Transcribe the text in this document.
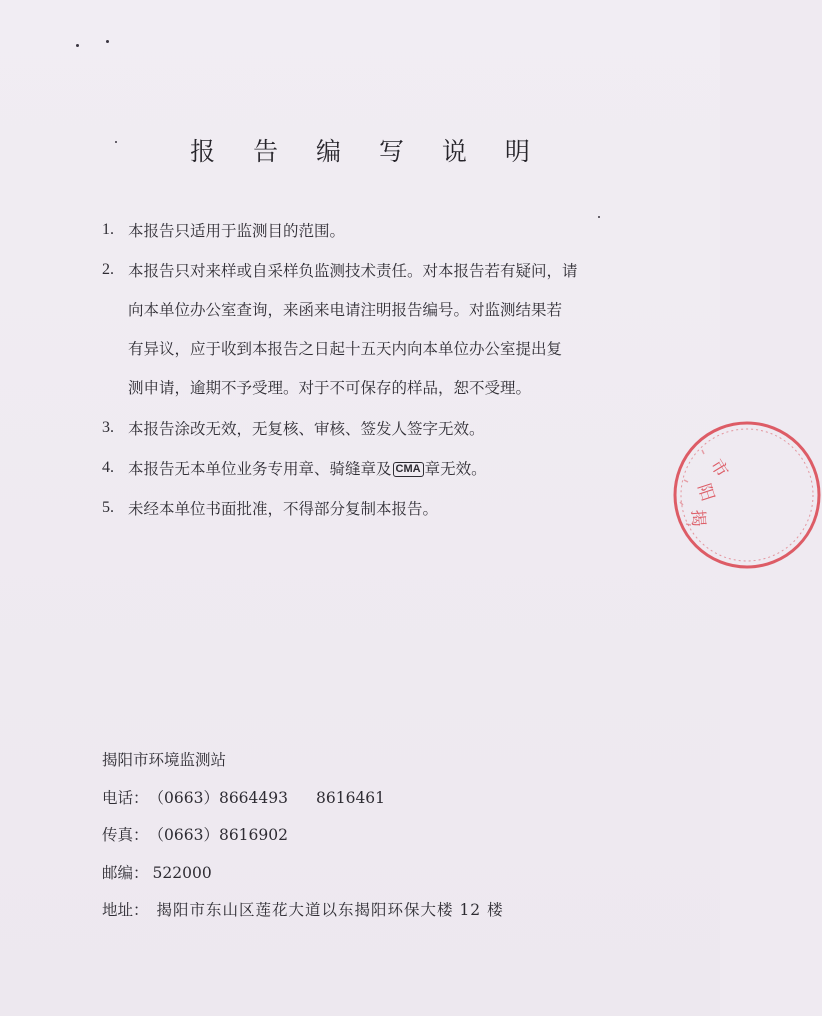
报 告 编 写 说 明
1. 本报告只适用于监测目的范围。
2. 本报告只对来样或自采样负监测技术责任。对本报告若有疑问，请
向本单位办公室查询，来函来电请注明报告编号。对监测结果若
有异议，应于收到本报告之日起十五天内向本单位办公室提出复
测申请，逾期不予受理。对于不可保存的样品，恕不受理。
3. 本报告涂改无效，无复核、审核、签发人签字无效。
4. 本报告无本单位业务专用章、骑缝章及 CMA 章无效。
5. 未经本单位书面批准，不得部分复制本报告。
揭阳市环境监测站
电话：（0663）8664493 8616461
传真：（0663）8616902
邮编： 522000
地址： 揭阳市东山区莲花大道以东揭阳环保大楼 12 楼
市
阳
揭
